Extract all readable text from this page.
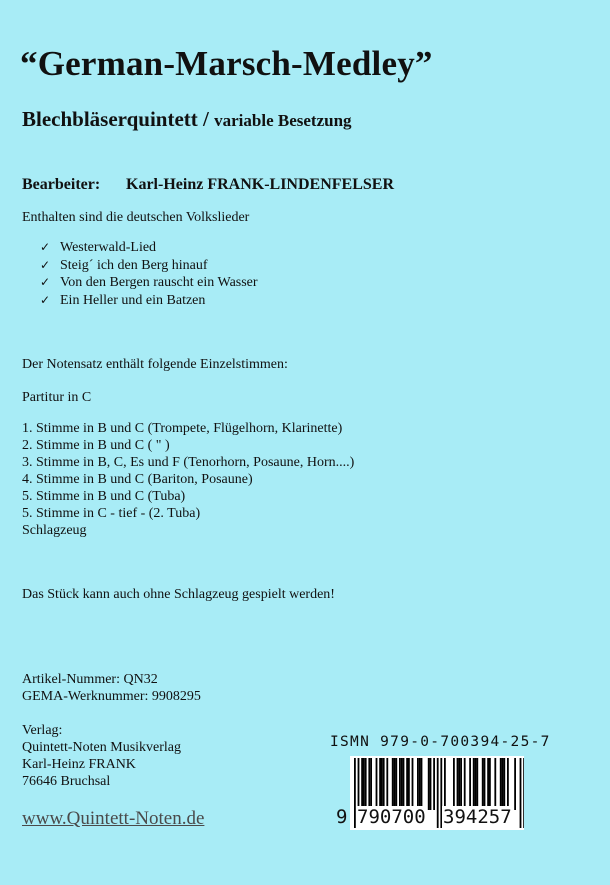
“German-Marsch-Medley”
Blechbläserquintett / variable Besetzung
Bearbeiter: Karl-Heinz FRANK-LINDENFELSER
Enthalten sind die deutschen Volkslieder
✓ Westerwald-Lied
✓ Steig´ ich den Berg hinauf
✓ Von den Bergen rauscht ein Wasser
✓ Ein Heller und ein Batzen
Der Notensatz enthält folgende Einzelstimmen:
Partitur in C
1. Stimme in B und C (Trompete, Flügelhorn, Klarinette)
2. Stimme in B und C ( " )
3. Stimme in B, C, Es und F (Tenorhorn, Posaune, Horn....)
4. Stimme in B und C (Bariton, Posaune)
5. Stimme in B und C (Tuba)
5. Stimme in C - tief - (2. Tuba)
Schlagzeug
Das Stück kann auch ohne Schlagzeug gespielt werden!
Artikel-Nummer: QN32
GEMA-Werknummer: 9908295
Verlag:
Quintett-Noten Musikverlag
Karl-Heinz FRANK
76646 Bruchsal
www.Quintett-Noten.de
ISMN 979-0-700394-25-7
9 790700 394257
